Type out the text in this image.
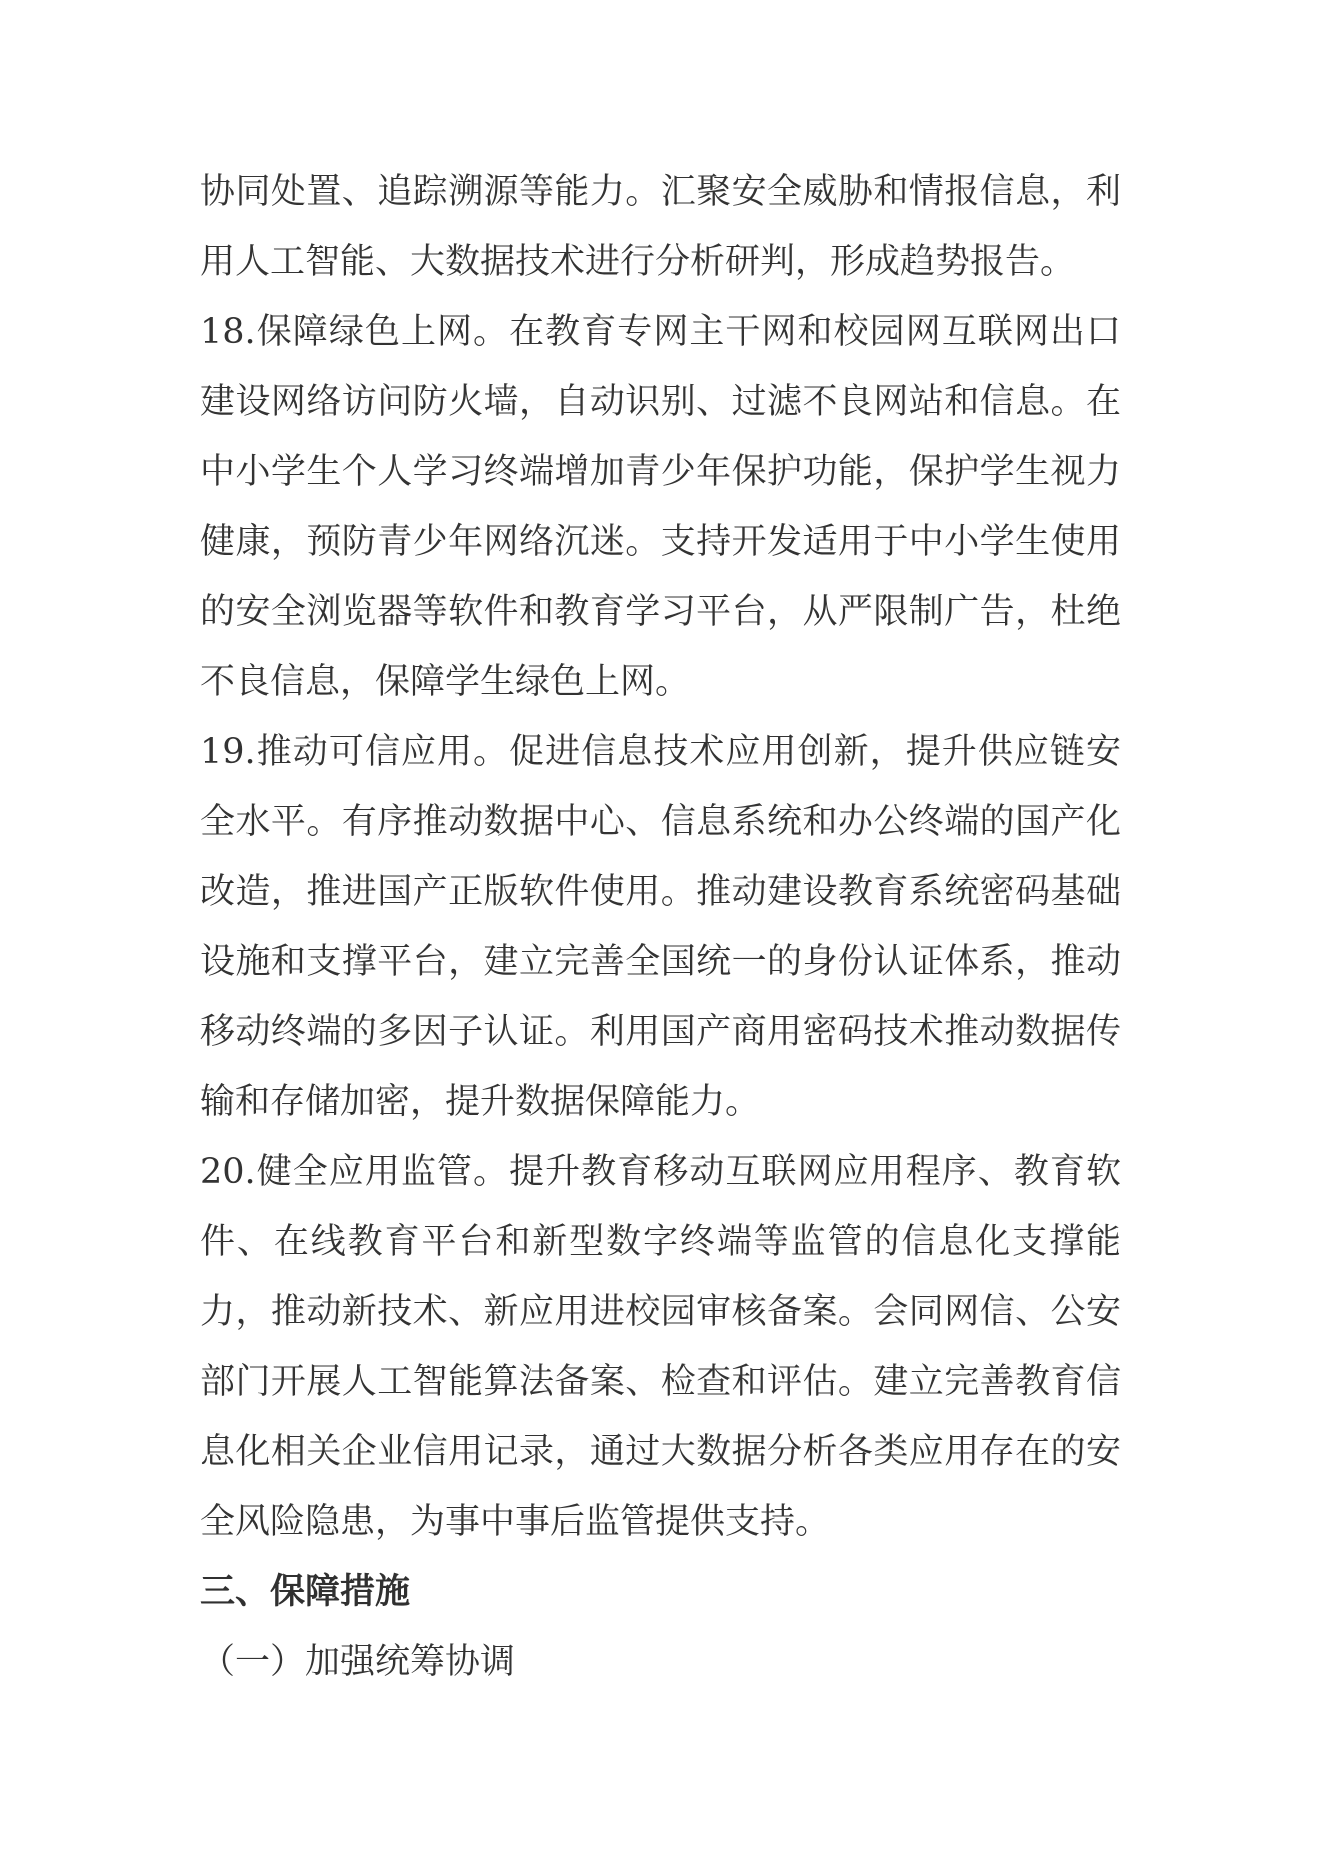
协同处置、追踪溯源等能力。汇聚安全威胁和情报信息，利用人工智能、大数据技术进行分析研判，形成趋势报告。

18.保障绿色上网。在教育专网主干网和校园网互联网出口建设网络访问防火墙，自动识别、过滤不良网站和信息。在中小学生个人学习终端增加青少年保护功能，保护学生视力健康，预防青少年网络沉迷。支持开发适用于中小学生使用的安全浏览器等软件和教育学习平台，从严限制广告，杜绝不良信息，保障学生绿色上网。

19.推动可信应用。促进信息技术应用创新，提升供应链安全水平。有序推动数据中心、信息系统和办公终端的国产化改造，推进国产正版软件使用。推动建设教育系统密码基础设施和支撑平台，建立完善全国统一的身份认证体系，推动移动终端的多因子认证。利用国产商用密码技术推动数据传输和存储加密，提升数据保障能力。

20.健全应用监管。提升教育移动互联网应用程序、教育软件、在线教育平台和新型数字终端等监管的信息化支撑能力，推动新技术、新应用进校园审核备案。会同网信、公安部门开展人工智能算法备案、检查和评估。建立完善教育信息化相关企业信用记录，通过大数据分析各类应用存在的安全风险隐患，为事中事后监管提供支持。

三、保障措施

（一）加强统筹协调
